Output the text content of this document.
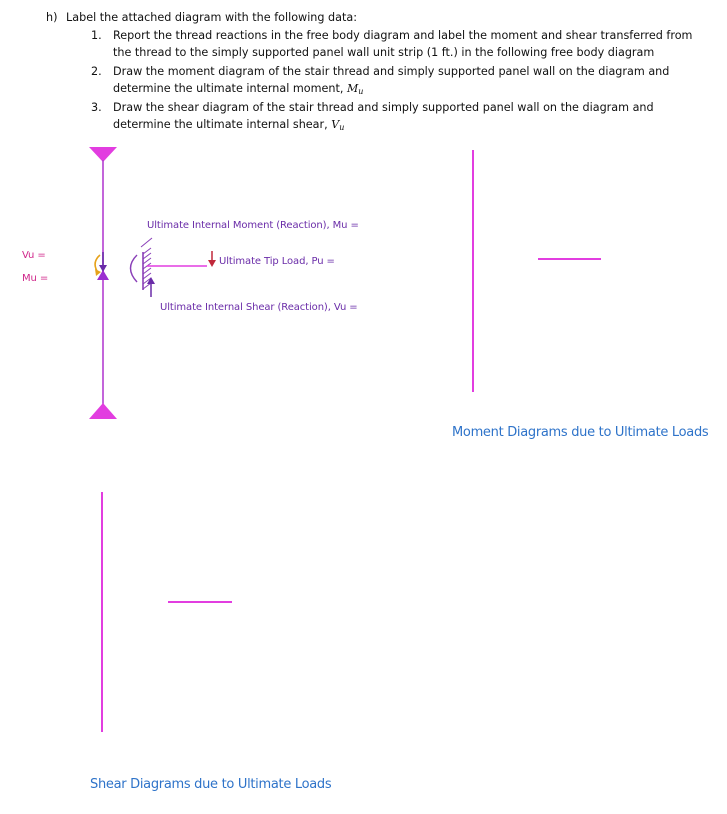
h) Label the attached diagram with the following data:
1. Report the thread reactions in the free body diagram and label the moment and shear transferred from
the thread to the simply supported panel wall unit strip (1 ft.) in the following free body diagram
2. Draw the moment diagram of the stair thread and simply supported panel wall on the diagram and
determine the ultimate internal moment, $M_u$
3. Draw the shear diagram of the stair thread and simply supported panel wall on the diagram and
determine the ultimate internal shear, $V_u$
Ultimate Internal Moment (Reaction), Mu =
Ultimate Tip Load, Pu =
Ultimate Internal Shear (Reaction), Vu =
Vu =
Mu =
Moment Diagrams due to Ultimate Loads
Shear Diagrams due to Ultimate Loads
